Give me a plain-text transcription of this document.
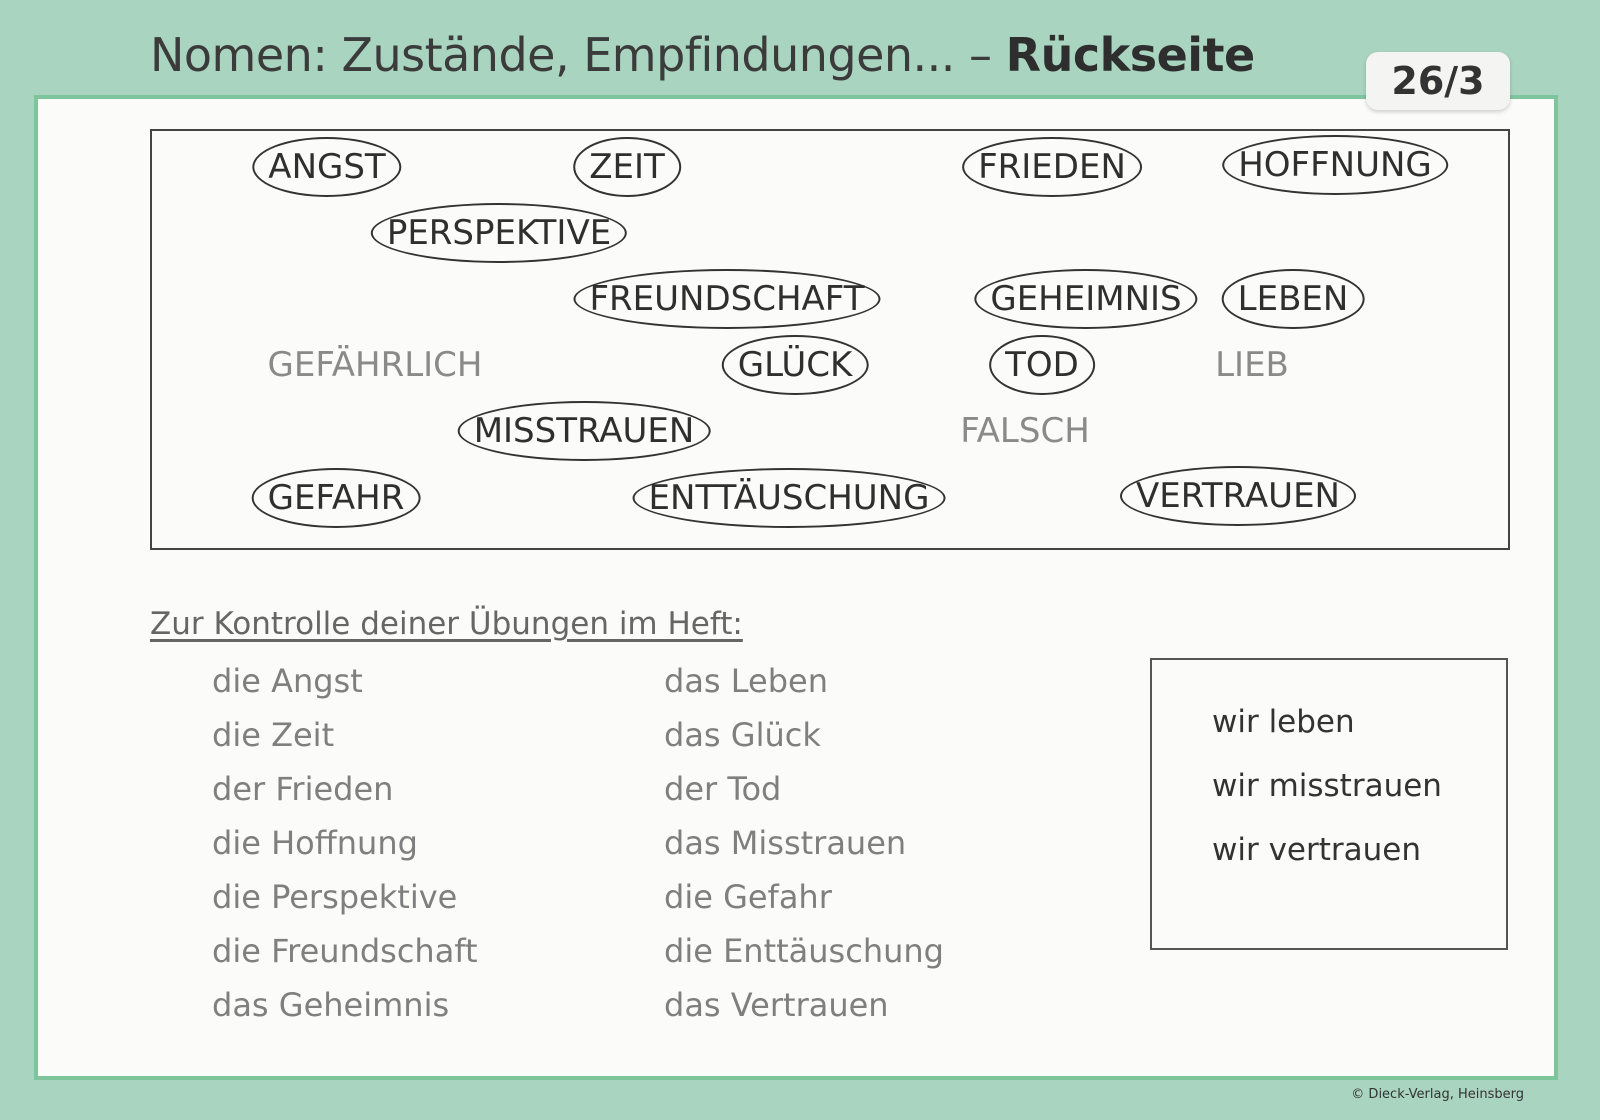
Nomen: Zustände, Empfindungen... – Rückseite	26/3
ANGST	ZEIT	FRIEDEN	HOFFNUNG
PERSPEKTIVE
FREUNDSCHAFT	GEHEIMNIS	LEBEN
GEFÄHRLICH	GLÜCK	TOD	LIEB
MISSTRAUEN	FALSCH
GEFAHR	ENTTÄUSCHUNG	VERTRAUEN
Zur Kontrolle deiner Übungen im Heft:
die Angst
die Zeit
der Frieden
die Hoffnung
die Perspektive
die Freundschaft
das Geheimnis
das Leben
das Glück
der Tod
das Misstrauen
die Gefahr
die Enttäuschung
das Vertrauen
wir leben
wir misstrauen
wir vertrauen
© Dieck-Verlag, Heinsberg
